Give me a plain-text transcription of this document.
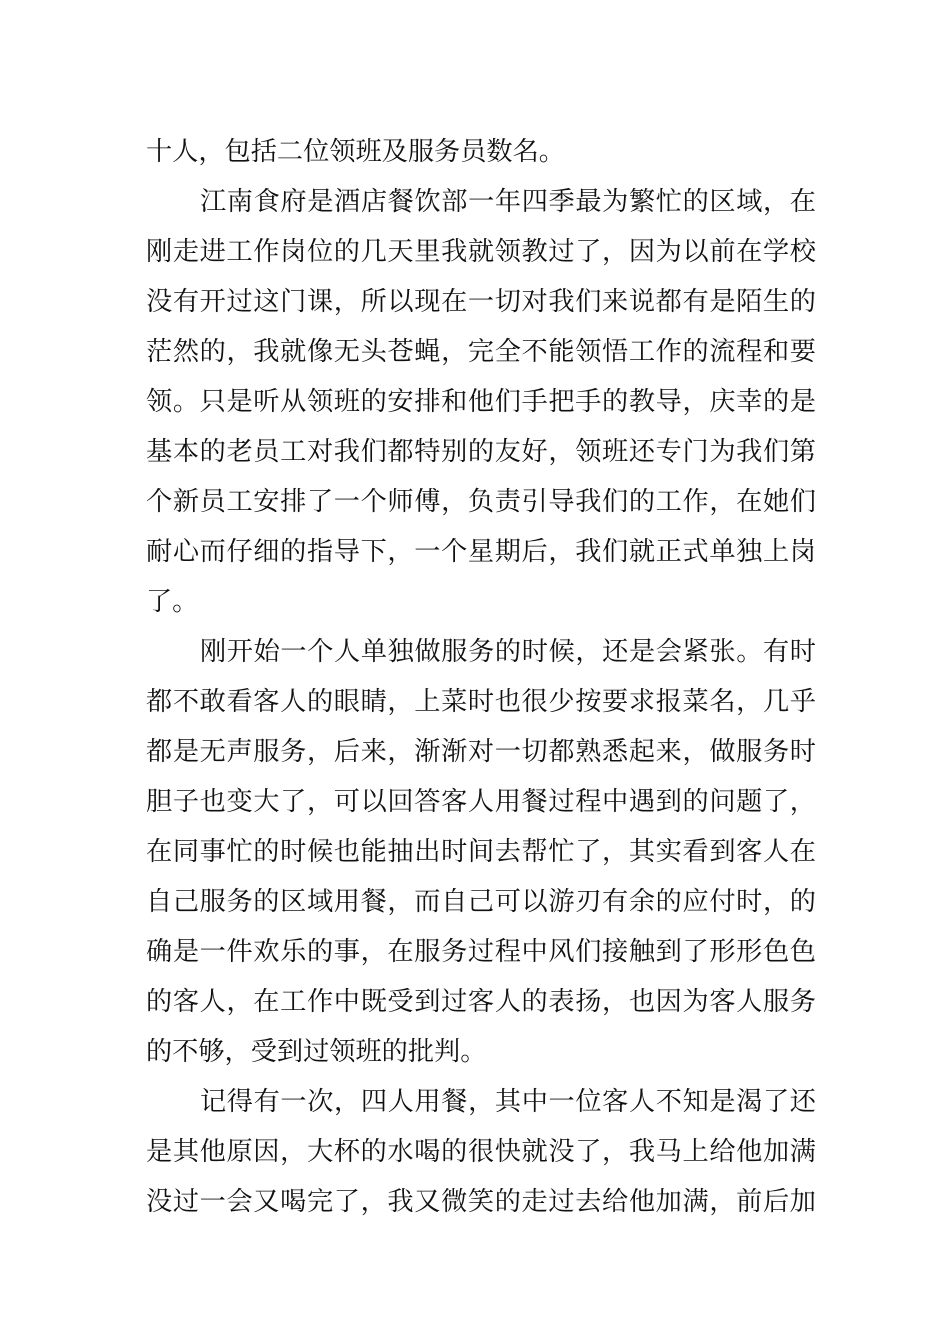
十人，包括二位领班及服务员数名。
江南食府是酒店餐饮部一年四季最为繁忙的区域，在
刚走进工作岗位的几天里我就领教过了，因为以前在学校
没有开过这门课，所以现在一切对我们来说都有是陌生的
茫然的，我就像无头苍蝇，完全不能领悟工作的流程和要
领。只是听从领班的安排和他们手把手的教导，庆幸的是
基本的老员工对我们都特别的友好，领班还专门为我们第
个新员工安排了一个师傅，负责引导我们的工作，在她们
耐心而仔细的指导下，一个星期后，我们就正式单独上岗
了。
刚开始一个人单独做服务的时候，还是会紧张。有时
都不敢看客人的眼睛，上菜时也很少按要求报菜名，几乎
都是无声服务，后来，渐渐对一切都熟悉起来，做服务时
胆子也变大了，可以回答客人用餐过程中遇到的问题了，
在同事忙的时候也能抽出时间去帮忙了，其实看到客人在
自己服务的区域用餐，而自己可以游刃有余的应付时，的
确是一件欢乐的事，在服务过程中风们接触到了形形色色
的客人，在工作中既受到过客人的表扬，也因为客人服务
的不够，受到过领班的批判。
记得有一次，四人用餐，其中一位客人不知是渴了还
是其他原因，大杯的水喝的很快就没了，我马上给他加满
没过一会又喝完了，我又微笑的走过去给他加满，前后加
